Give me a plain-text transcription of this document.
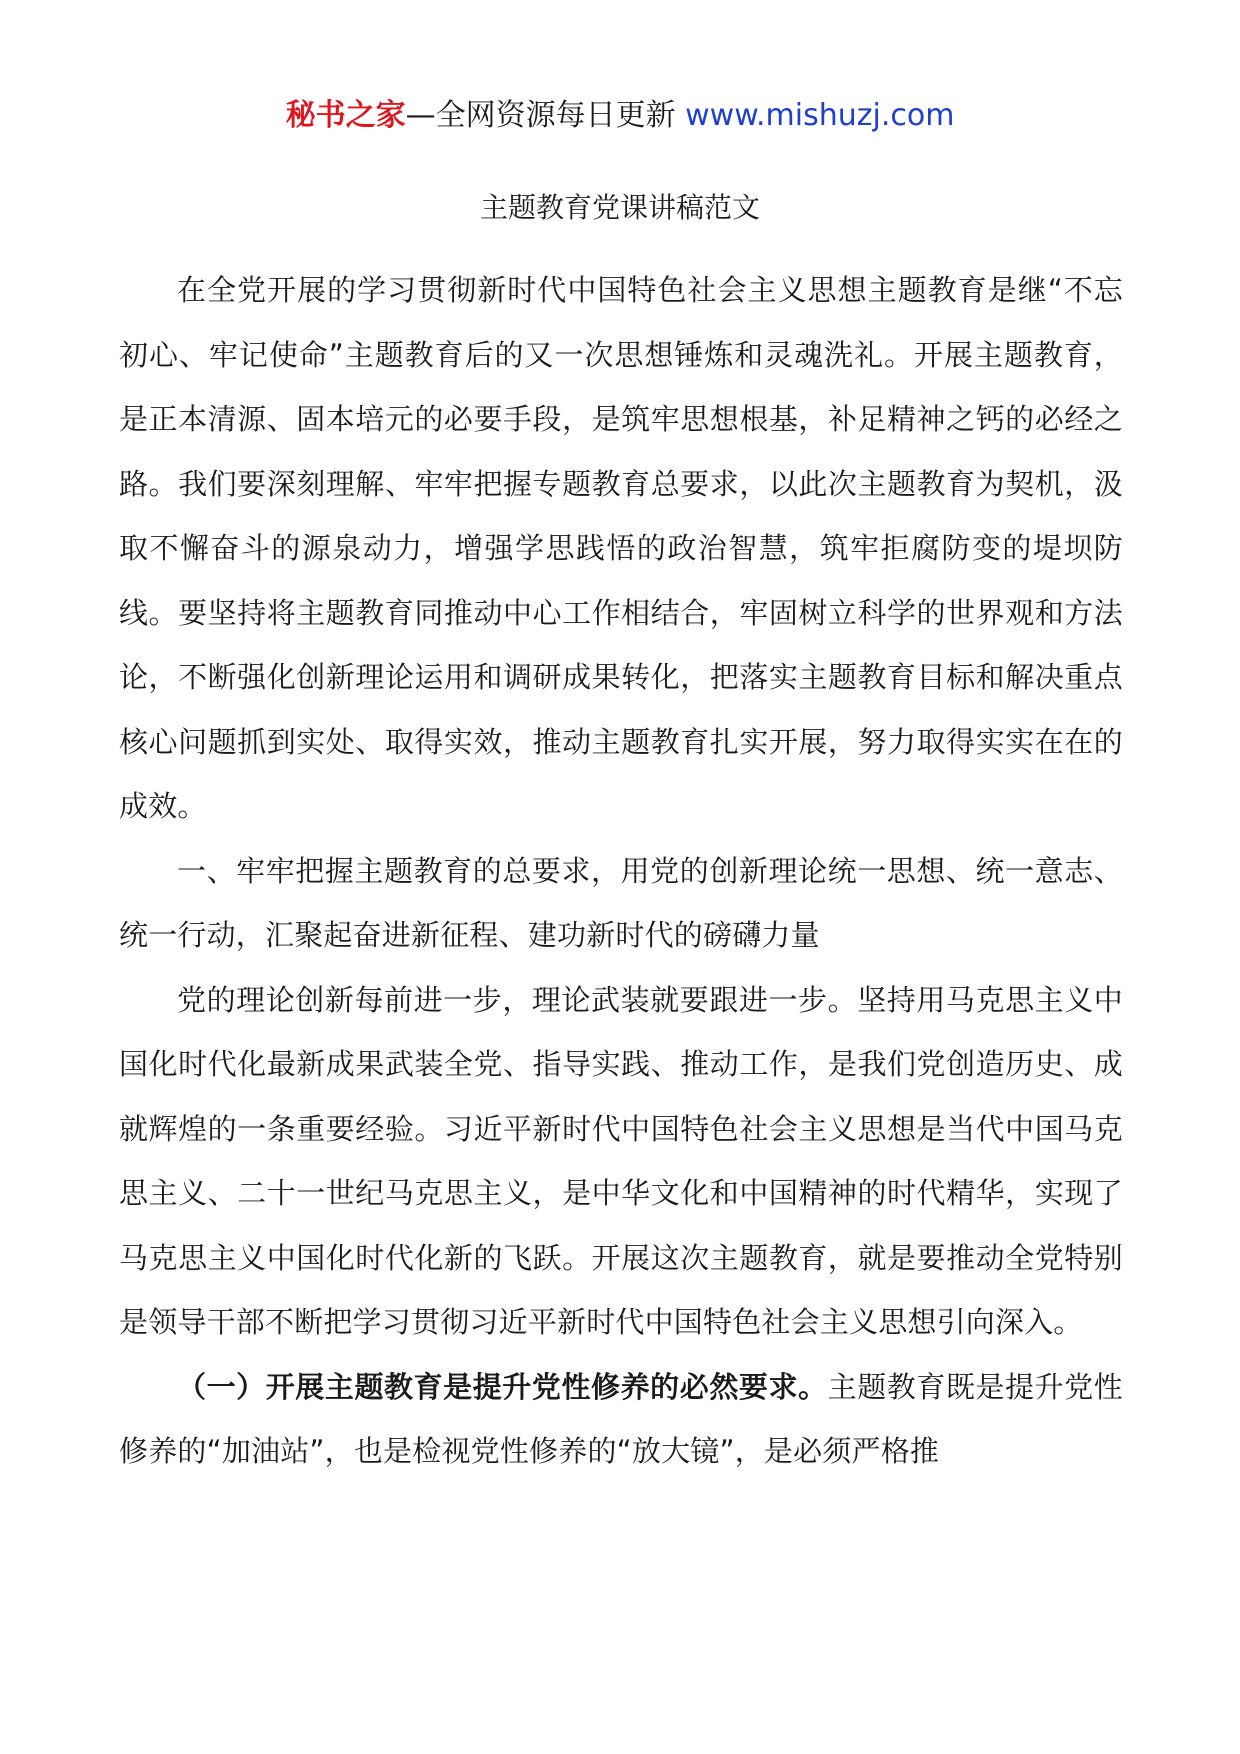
秘书之家—全网资源每日更新 www.mishuzj.com
主题教育党课讲稿范文

在全党开展的学习贯彻新时代中国特色社会主义思想主题教育是继“不忘初心、牢记使命”主题教育后的又一次思想锤炼和灵魂洗礼。开展主题教育，是正本清源、固本培元的必要手段，是筑牢思想根基，补足精神之钙的必经之路。我们要深刻理解、牢牢把握专题教育总要求，以此次主题教育为契机，汲取不懈奋斗的源泉动力，增强学思践悟的政治智慧，筑牢拒腐防变的堤坝防线。要坚持将主题教育同推动中心工作相结合，牢固树立科学的世界观和方法论，不断强化创新理论运用和调研成果转化，把落实主题教育目标和解决重点核心问题抓到实处、取得实效，推动主题教育扎实开展，努力取得实实在在的成效。

一、牢牢把握主题教育的总要求，用党的创新理论统一思想、统一意志、统一行动，汇聚起奋进新征程、建功新时代的磅礴力量

党的理论创新每前进一步，理论武装就要跟进一步。坚持用马克思主义中国化时代化最新成果武装全党、指导实践、推动工作，是我们党创造历史、成就辉煌的一条重要经验。习近平新时代中国特色社会主义思想是当代中国马克思主义、二十一世纪马克思主义，是中华文化和中国精神的时代精华，实现了马克思主义中国化时代化新的飞跃。开展这次主题教育，就是要推动全党特别是领导干部不断把学习贯彻习近平新时代中国特色社会主义思想引向深入。

（一）开展主题教育是提升党性修养的必然要求。主题教育既是提升党性修养的“加油站”，也是检视党性修养的“放大镜”，是必须严格推
